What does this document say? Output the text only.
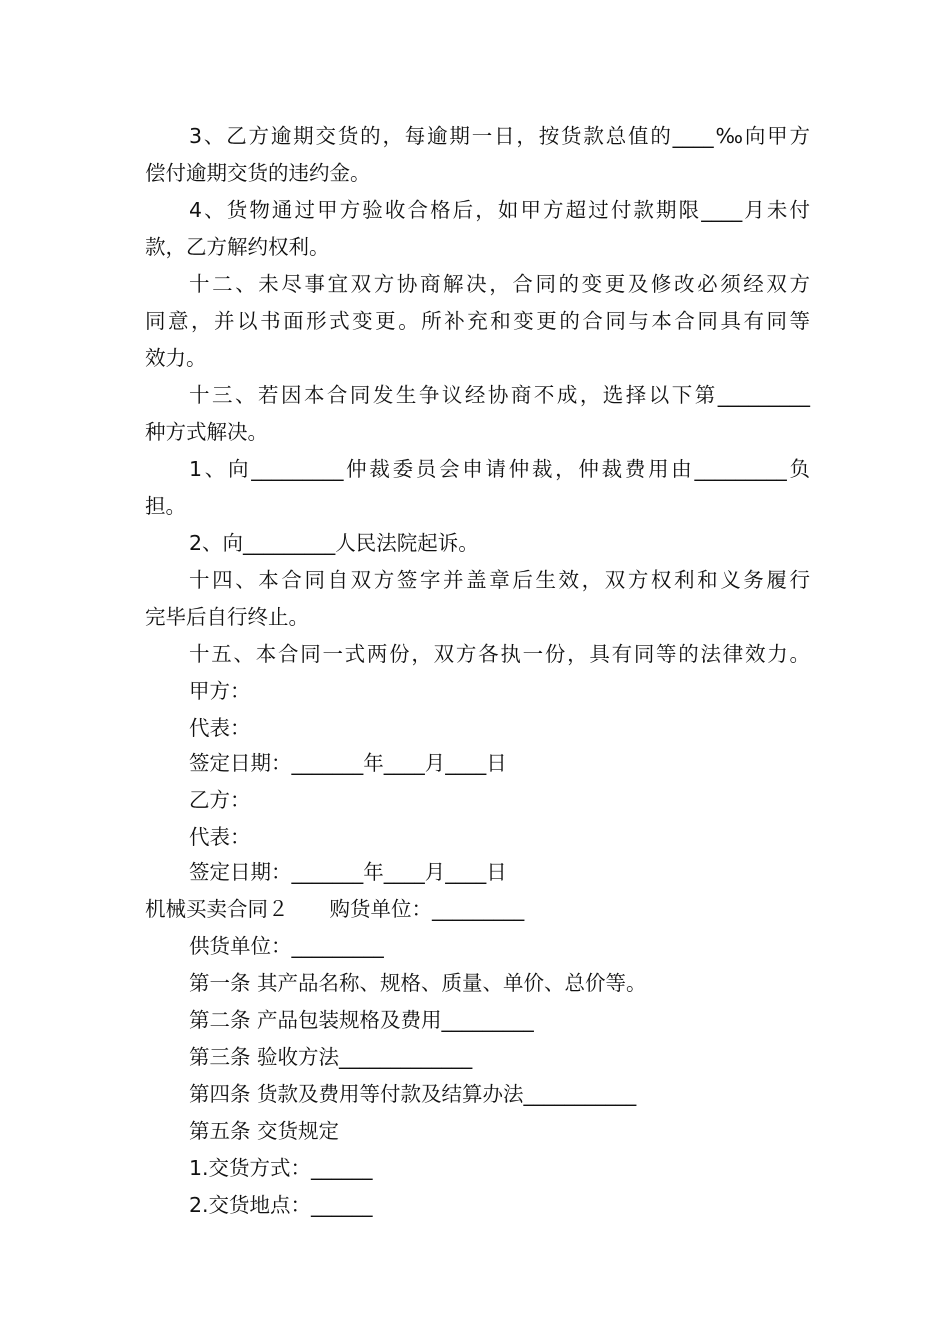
3、乙方逾期交货的，每逾期一日，按货款总值的____‰向甲方
偿付逾期交货的违约金。
4、货物通过甲方验收合格后，如甲方超过付款期限____月未付
款，乙方解约权利。
十二、未尽事宜双方协商解决，合同的变更及修改必须经双方
同意，并以书面形式变更。所补充和变更的合同与本合同具有同等
效力。
十三、若因本合同发生争议经协商不成，选择以下第_________
种方式解决。
1、向_________仲裁委员会申请仲裁，仲裁费用由_________负
担。
2、向_________人民法院起诉。
十四、本合同自双方签字并盖章后生效，双方权利和义务履行
完毕后自行终止。
十五、本合同一式两份，双方各执一份，具有同等的法律效力。
甲方：
代表：
签定日期：_______年____月____日
乙方：
代表：
签定日期：_______年____月____日
机械买卖合同２　　购货单位：_________
供货单位：_________
第一条 其产品名称、规格、质量、单价、总价等。
第二条 产品包装规格及费用_________
第三条 验收方法_____________
第四条 货款及费用等付款及结算办法___________
第五条 交货规定
1.交货方式：______
2.交货地点：______
